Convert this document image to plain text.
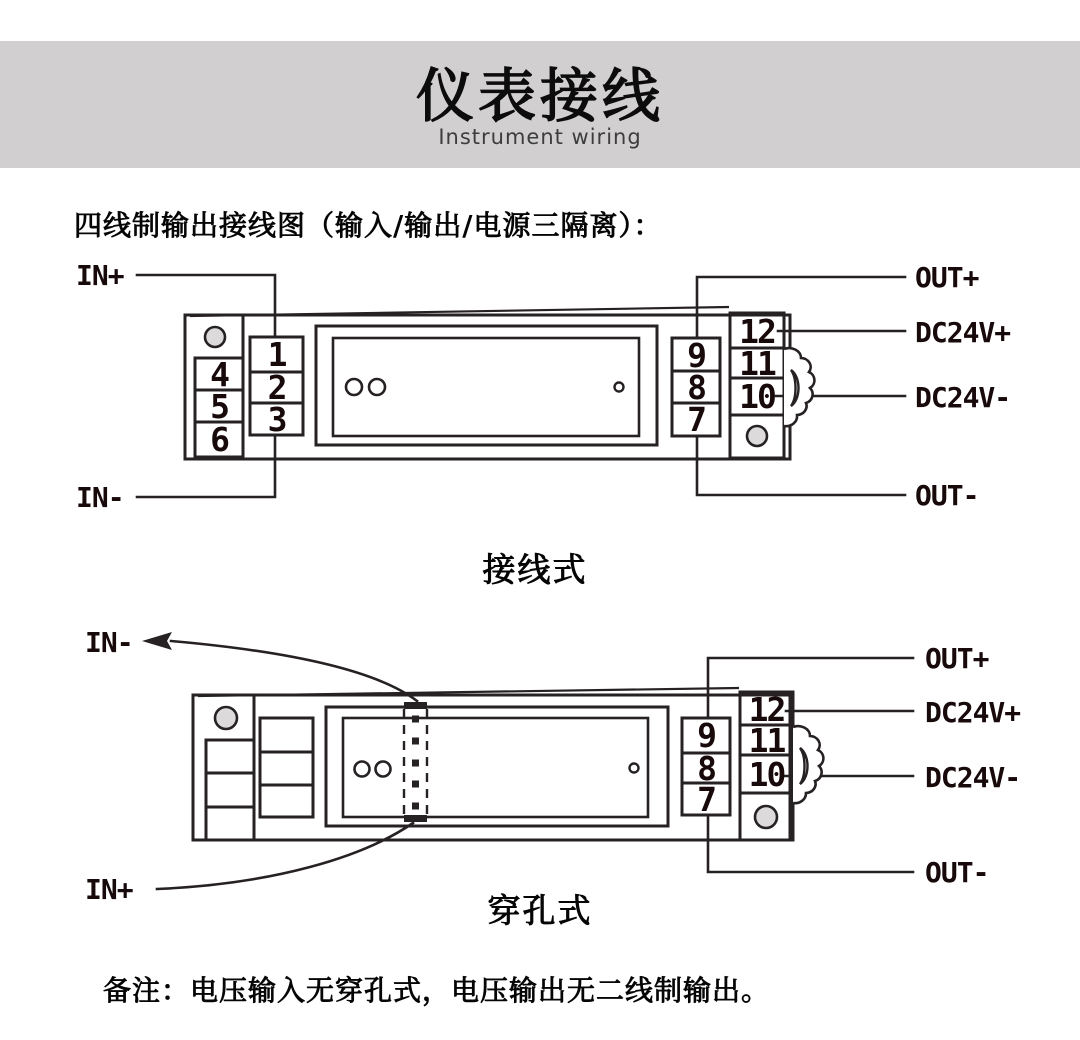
仪表接线
Instrument wiring
四线制输出接线图（输入/输出/电源三隔离）：
IN+
IN-
OUT+
DC24V+
DC24V-
OUT-
1
2
3
4
5
6
9
8
7
12
11
10
接线式
IN-
IN+
OUT+
DC24V+
DC24V-
OUT-
9
8
7
12
11
10
穿孔式
备注：电压输入无穿孔式，电压输出无二线制输出。
